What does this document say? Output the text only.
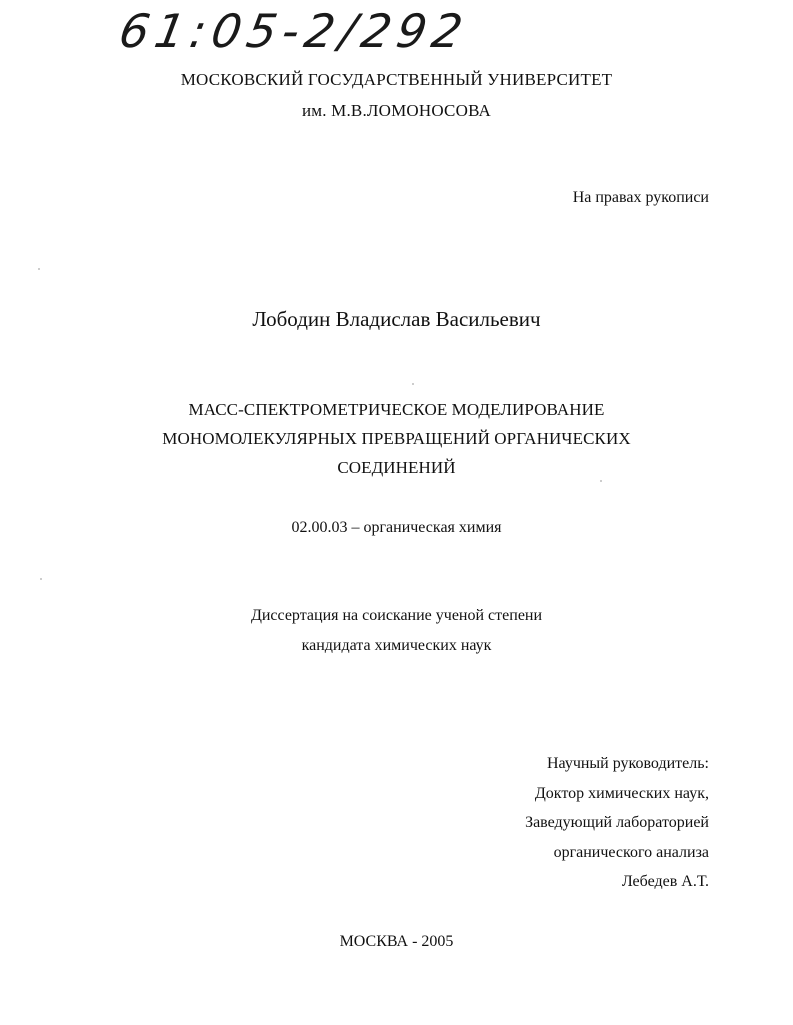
61:05-2/292
МОСКОВСКИЙ ГОСУДАРСТВЕННЫЙ УНИВЕРСИТЕТ
им. М.В.ЛОМОНОСОВА
На правах рукописи
Лободин Владислав Васильевич
МАСС-СПЕКТРОМЕТРИЧЕСКОЕ МОДЕЛИРОВАНИЕ
МОНОМОЛЕКУЛЯРНЫХ ПРЕВРАЩЕНИЙ ОРГАНИЧЕСКИХ
СОЕДИНЕНИЙ
02.00.03 – органическая химия
Диссертация на соискание ученой степени
кандидата химических наук
Научный руководитель:
Доктор химических наук,
Заведующий лабораторией
органического анализа
Лебедев А.Т.
МОСКВА - 2005
